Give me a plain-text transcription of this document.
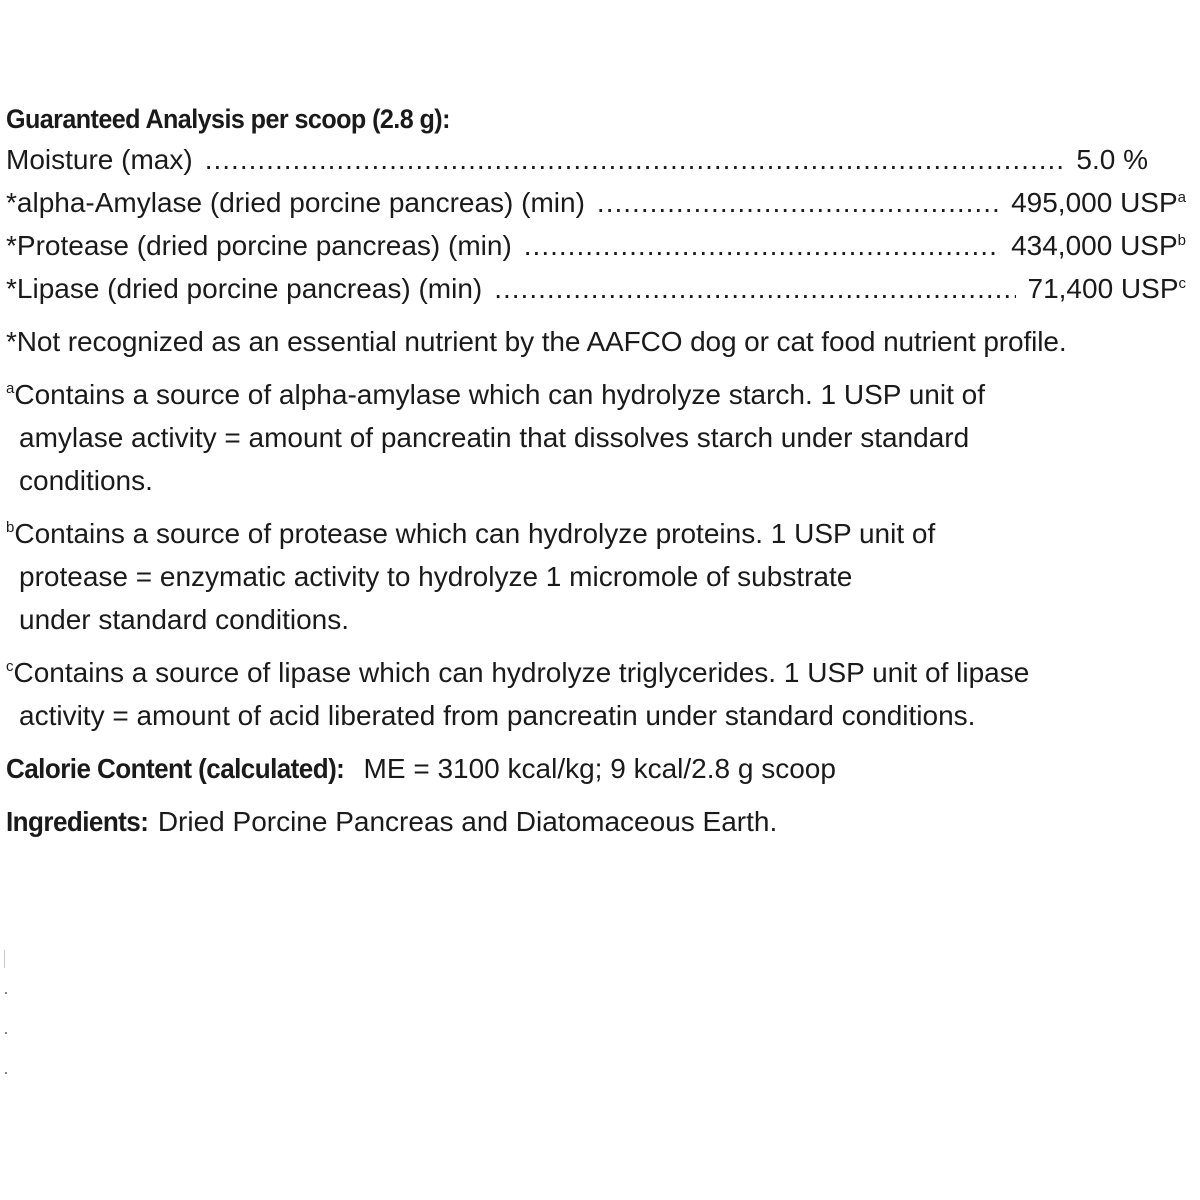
Guaranteed Analysis per scoop (2.8 g):
Moisture (max) .....	5.0 %
*alpha-Amylase (dried porcine pancreas) (min) .....	495,000 USP$^a$
*Protease (dried porcine pancreas) (min) .....	434,000 USP$^b$
*Lipase (dried porcine pancreas) (min) .....	71,400 USP$^c$
*Not recognized as an essential nutrient by the AAFCO dog or cat food nutrient profile.
$^a$Contains a source of alpha-amylase which can hydrolyze starch. 1 USP unit of
amylase activity = amount of pancreatin that dissolves starch under standard
conditions.
$^b$Contains a source of protease which can hydrolyze proteins. 1 USP unit of
protease = enzymatic activity to hydrolyze 1 micromole of substrate
under standard conditions.
$^c$Contains a source of lipase which can hydrolyze triglycerides. 1 USP unit of lipase
activity = amount of acid liberated from pancreatin under standard conditions.
Calorie Content (calculated): ME = 3100 kcal/kg; 9 kcal/2.8 g scoop
Ingredients: Dried Porcine Pancreas and Diatomaceous Earth.
